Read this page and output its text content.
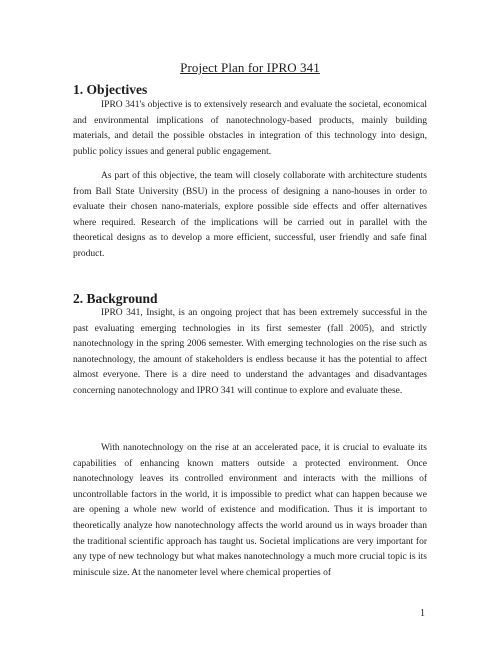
Project Plan for IPRO 341
1. Objectives

IPRO 341's objective is to extensively research and evaluate the societal, economical and environmental implications of nanotechnology-based products, mainly building materials, and detail the possible obstacles in integration of this technology into design, public policy issues and general public engagement.

As part of this objective, the team will closely collaborate with architecture students from Ball State University (BSU) in the process of designing a nano-houses in order to evaluate their chosen nano-materials, explore possible side effects and offer alternatives where required. Research of the implications will be carried out in parallel with the theoretical designs as to develop a more efficient, successful, user friendly and safe final product.

2. Background

IPRO 341, Insight, is an ongoing project that has been extremely successful in the past evaluating emerging technologies in its first semester (fall 2005), and strictly nanotechnology in the spring 2006 semester. With emerging technologies on the rise such as nanotechnology, the amount of stakeholders is endless because it has the potential to affect almost everyone. There is a dire need to understand the advantages and disadvantages concerning nanotechnology and IPRO 341 will continue to explore and evaluate these.

With nanotechnology on the rise at an accelerated pace, it is crucial to evaluate its capabilities of enhancing known matters outside a protected environment. Once nanotechnology leaves its controlled environment and interacts with the millions of uncontrollable factors in the world, it is impossible to predict what can happen because we are opening a whole new world of existence and modification. Thus it is important to theoretically analyze how nanotechnology affects the world around us in ways broader than the traditional scientific approach has taught us. Societal implications are very important for any type of new technology but what makes nanotechnology a much more crucial topic is its miniscule size. At the nanometer level where chemical properties of

1
